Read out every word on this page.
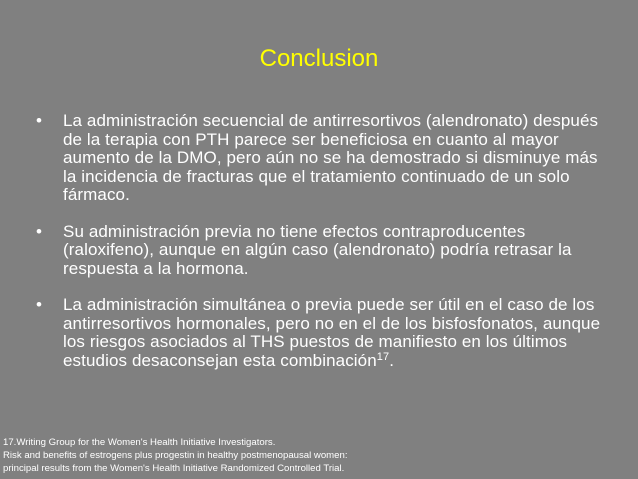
Conclusion
•	La administración secuencial de antirresortivos (alendronato) después de la terapia con PTH parece ser beneficiosa en cuanto al mayor aumento de la DMO, pero aún no se ha demostrado si disminuye más la incidencia de fracturas que el tratamiento continuado de un solo fármaco.
•	Su administración previa no tiene efectos contraproducentes (raloxifeno), aunque en algún caso (alendronato) podría retrasar la respuesta a la hormona.
•	La administración simultánea o previa puede ser útil en el caso de los antirresortivos hormonales, pero no en el de los bisfosfonatos, aunque los riesgos asociados al THS puestos de manifiesto en los últimos estudios desaconsejan esta combinación$^{17}$.
17.Writing Group for the Women's Health Initiative Investigators.
Risk and benefits of estrogens plus progestin in healthy postmenopausal women:
principal results from the Women's Health Initiative Randomized Controlled Trial.
